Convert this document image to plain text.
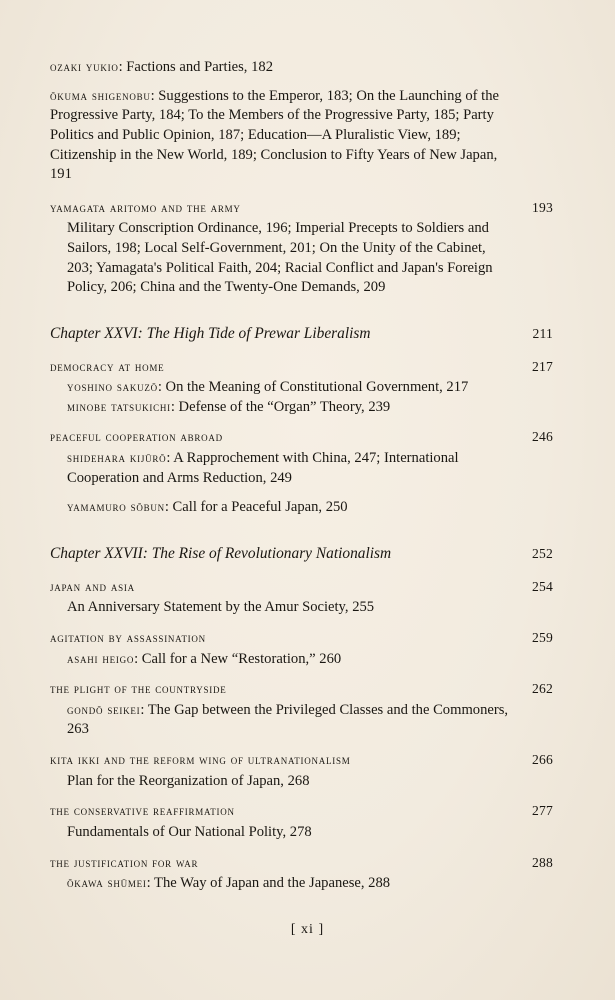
ozaki yukio: Factions and Parties, 182
ōkuma shigenobu: Suggestions to the Emperor, 183; On the Launching of the Progressive Party, 184; To the Members of the Progressive Party, 185; Party Politics and Public Opinion, 187; Education—A Pluralistic View, 189; Citizenship in the New World, 189; Conclusion to Fifty Years of New Japan, 191
yamagata aritomo and the army	193
Military Conscription Ordinance, 196; Imperial Precepts to Soldiers and Sailors, 198; Local Self-Government, 201; On the Unity of the Cabinet, 203; Yamagata's Political Faith, 204; Racial Conflict and Japan's Foreign Policy, 206; China and the Twenty-One Demands, 209
Chapter XXVI: The High Tide of Prewar Liberalism	211
democracy at home	217
yoshino sakuzō: On the Meaning of Constitutional Government, 217
minobe tatsukichi: Defense of the “Organ” Theory, 239
peaceful cooperation abroad	246
shidehara kijūrō: A Rapprochement with China, 247; International Cooperation and Arms Reduction, 249
yamamuro sōbun: Call for a Peaceful Japan, 250
Chapter XXVII: The Rise of Revolutionary Nationalism	252
japan and asia	254
An Anniversary Statement by the Amur Society, 255
agitation by assassination	259
asahi heigo: Call for a New “Restoration,” 260
the plight of the countryside	262
gondō seikei: The Gap between the Privileged Classes and the Commoners, 263
kita ikki and the reform wing of ultranationalism	266
Plan for the Reorganization of Japan, 268
the conservative reaffirmation	277
Fundamentals of Our National Polity, 278
the justification for war	288
ōkawa shūmei: The Way of Japan and the Japanese, 288
[ xi ]
